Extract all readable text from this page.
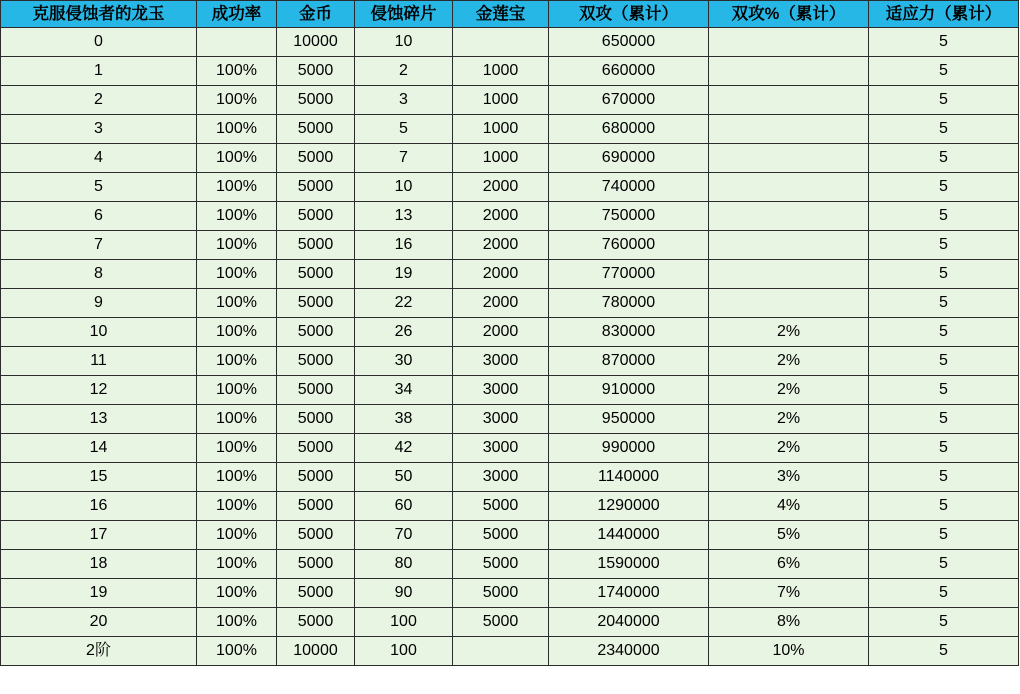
克服侵蚀者的龙玉	成功率	金币	侵蚀碎片	金莲宝	双攻（累计）	双攻%（累计）	适应力（累计）
0		10000	10		650000		5
1	100%	5000	2	1000	660000		5
2	100%	5000	3	1000	670000		5
3	100%	5000	5	1000	680000		5
4	100%	5000	7	1000	690000		5
5	100%	5000	10	2000	740000		5
6	100%	5000	13	2000	750000		5
7	100%	5000	16	2000	760000		5
8	100%	5000	19	2000	770000		5
9	100%	5000	22	2000	780000		5
10	100%	5000	26	2000	830000	2%	5
11	100%	5000	30	3000	870000	2%	5
12	100%	5000	34	3000	910000	2%	5
13	100%	5000	38	3000	950000	2%	5
14	100%	5000	42	3000	990000	2%	5
15	100%	5000	50	3000	1140000	3%	5
16	100%	5000	60	5000	1290000	4%	5
17	100%	5000	70	5000	1440000	5%	5
18	100%	5000	80	5000	1590000	6%	5
19	100%	5000	90	5000	1740000	7%	5
20	100%	5000	100	5000	2040000	8%	5
2阶	100%	10000	100		2340000	10%	5
